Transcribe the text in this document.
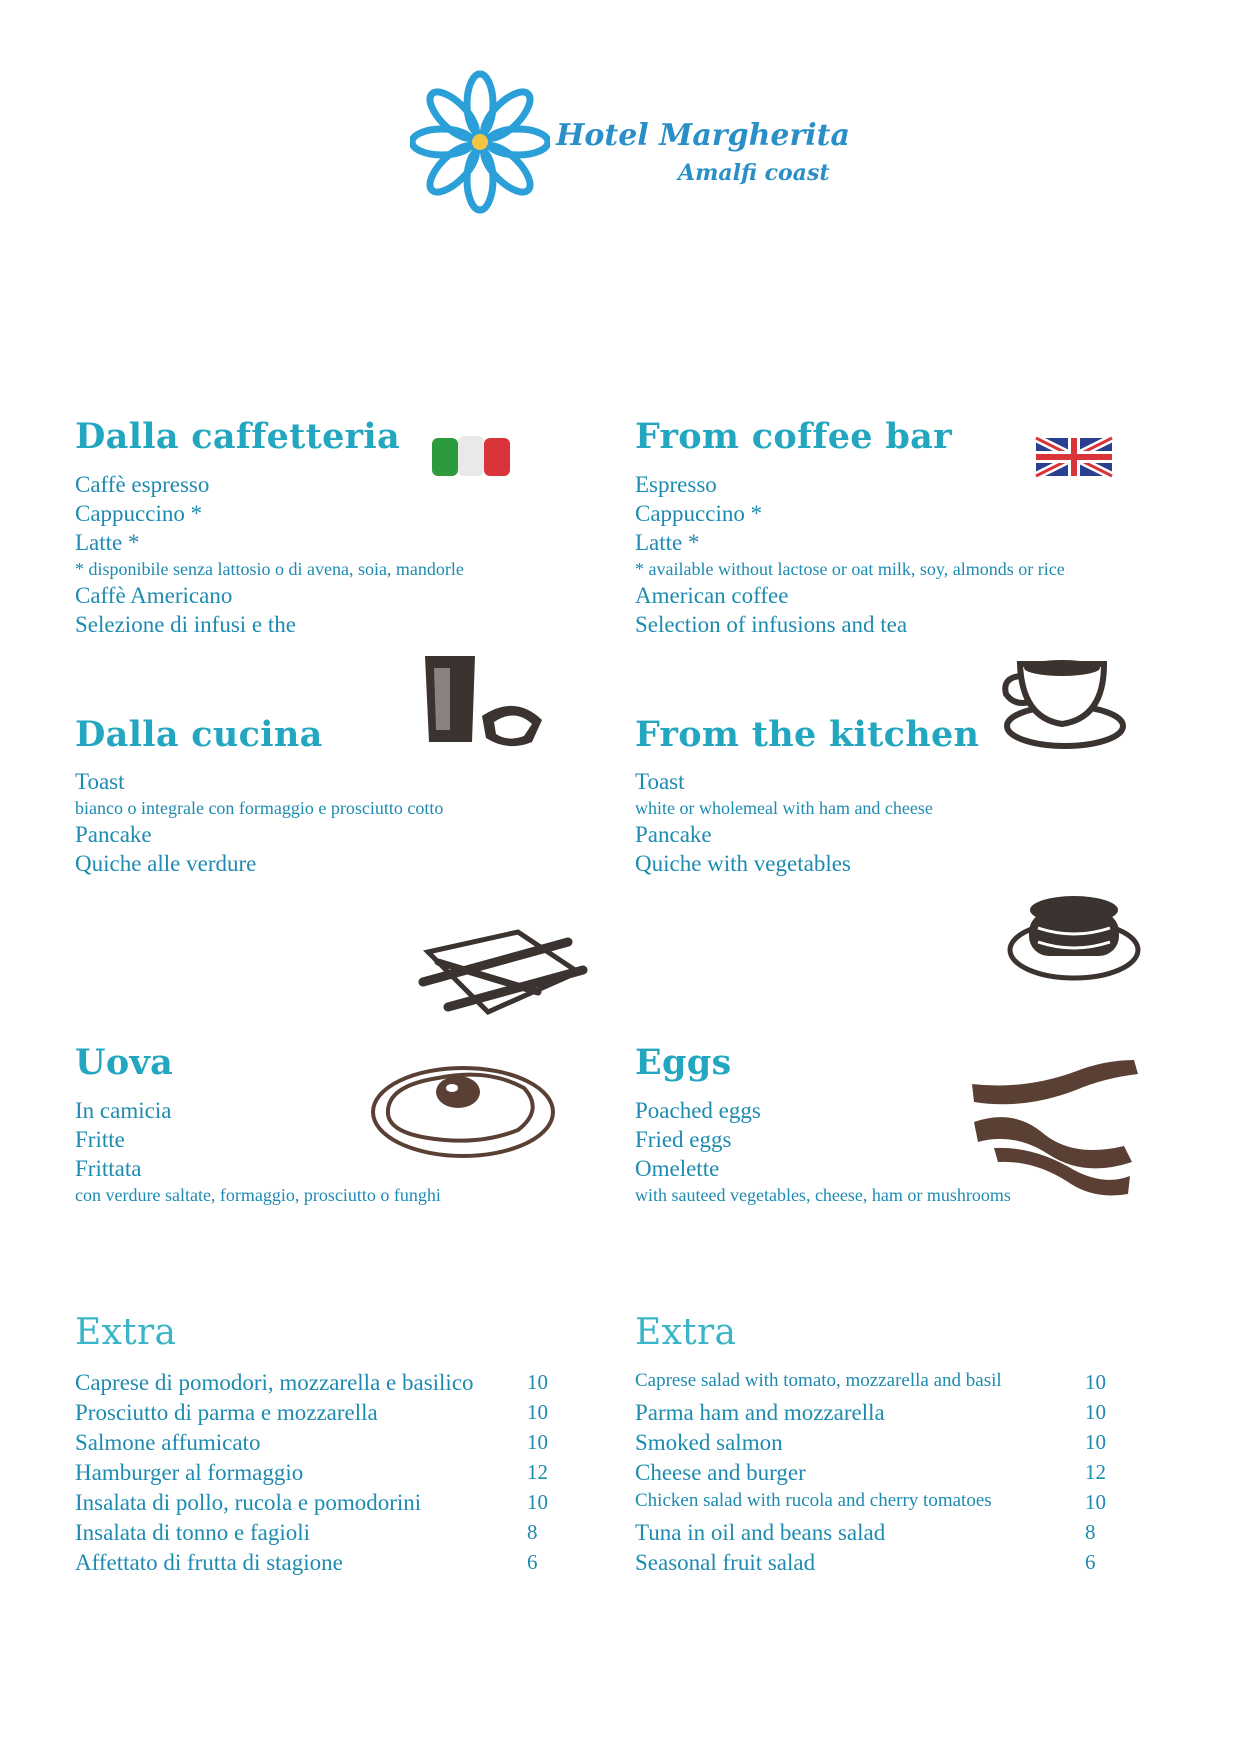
Hotel Margherita
Amalfi coast
Dalla caffetteria
Caffè espresso
Cappuccino *
Latte *
* disponibile senza lattosio o di avena, soia, mandorle
Caffè Americano
Selezione di infusi e the
From coffee bar
Espresso
Cappuccino *
Latte *
* available without lactose or oat milk, soy, almonds or rice
American coffee
Selection of infusions and tea
Dalla cucina
Toast
bianco o integrale con formaggio e prosciutto cotto
Pancake
Quiche alle verdure
From the kitchen
Toast
white or wholemeal with ham and cheese
Pancake
Quiche with vegetables
Uova
In camicia
Fritte
Frittata
con verdure saltate, formaggio, prosciutto o funghi
Eggs
Poached eggs
Fried eggs
Omelette
with sauteed vegetables, cheese, ham or mushrooms
Extra
Caprese di pomodori, mozzarella e basilico	10
Prosciutto di parma e mozzarella	10
Salmone affumicato	10
Hamburger al formaggio	12
Insalata di pollo, rucola e pomodorini	10
Insalata di tonno e fagioli	8
Affettato di frutta di stagione	6
Extra
Caprese salad with tomato, mozzarella and basil	10
Parma ham and mozzarella	10
Smoked salmon	10
Cheese and burger	12
Chicken salad with rucola and cherry tomatoes	10
Tuna in oil and beans salad	8
Seasonal fruit salad	6
